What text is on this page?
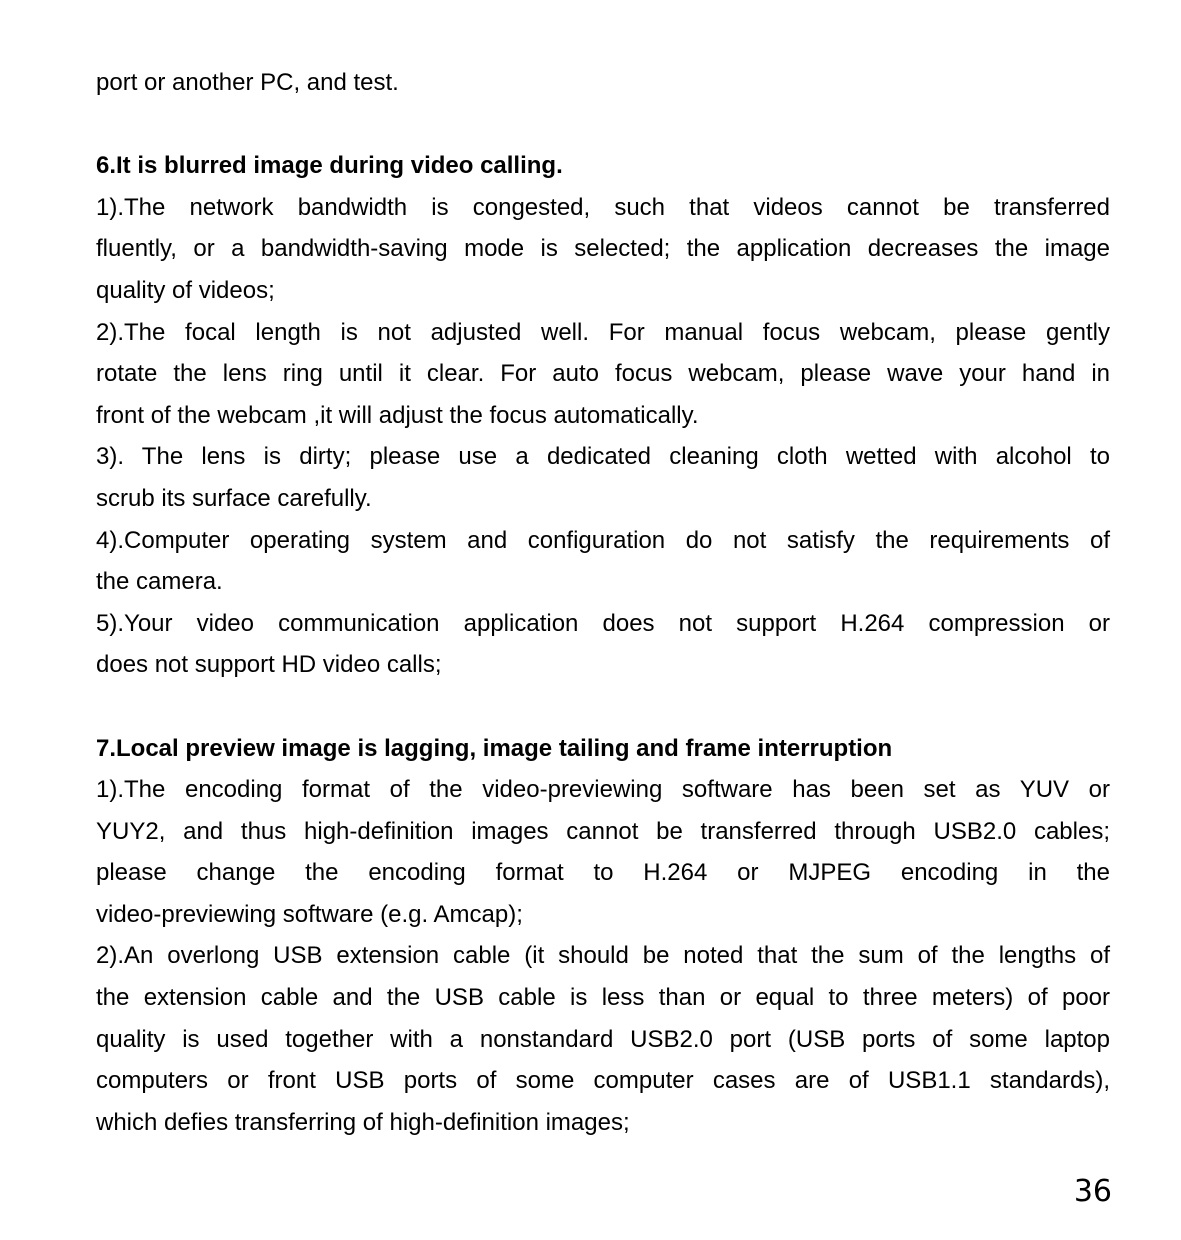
port or another PC, and test.
6.It is blurred image during video calling.
1).The network bandwidth is congested, such that videos cannot be transferred
fluently, or a bandwidth-saving mode is selected; the application decreases the image
quality of videos;
2).The focal length is not adjusted well. For manual focus webcam, please gently
rotate the lens ring until it clear. For auto focus webcam, please wave your hand in
front of the webcam ,it will adjust the focus automatically.
3). The lens is dirty; please use a dedicated cleaning cloth wetted with alcohol to
scrub its surface carefully.
4).Computer operating system and configuration do not satisfy the requirements of
the camera.
5).Your video communication application does not support H.264 compression or
does not support HD video calls;
7.Local preview image is lagging, image tailing and frame interruption
1).The encoding format of the video-previewing software has been set as YUV or
YUY2, and thus high-definition images cannot be transferred through USB2.0 cables;
please change the encoding format to H.264 or MJPEG encoding in the
video-previewing software (e.g. Amcap);
2).An overlong USB extension cable (it should be noted that the sum of the lengths of
the extension cable and the USB cable is less than or equal to three meters) of poor
quality is used together with a nonstandard USB2.0 port (USB ports of some laptop
computers or front USB ports of some computer cases are of USB1.1 standards),
which defies transferring of high-definition images;
36
